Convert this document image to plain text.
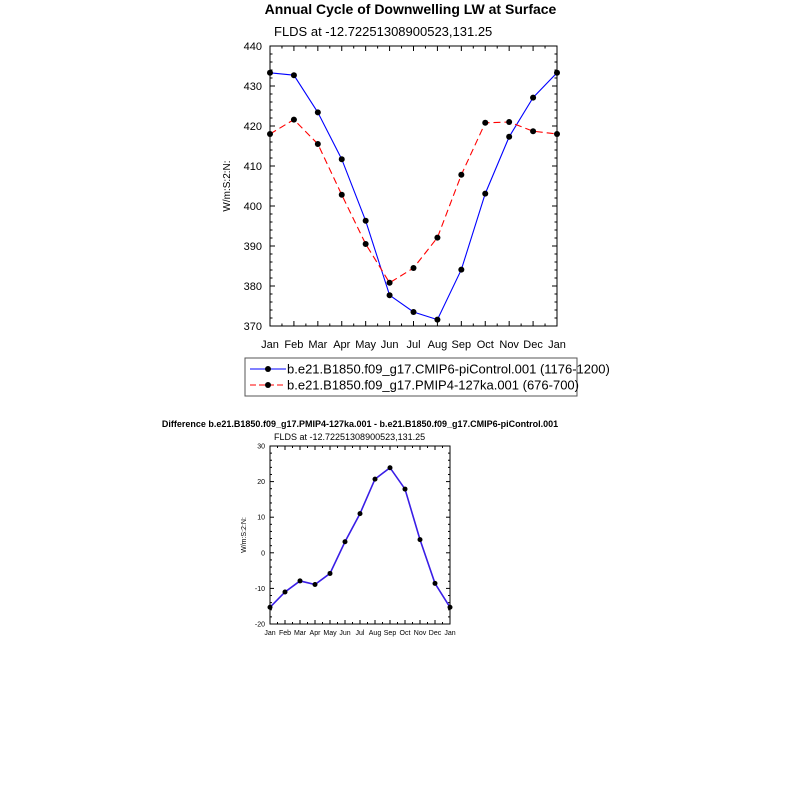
Annual Cycle of Downwelling LW at Surface
FLDS at -12.72251308900523,131.25
Jan Feb Mar Apr May Jun Jul Aug Sep Oct Nov Dec Jan
370
380
390
400
410
420
430
440
W/m:S:2:N:
Difference b.e21.B1850.f09_g17.PMIP4-127ka.001 - b.e21.B1850.f09_g17.CMIP6-piControl.001
FLDS at -12.72251308900523,131.25
Jan Feb Mar Apr May Jun Jul Aug Sep Oct Nov Dec Jan
-20
-10
0
10
20
30
W/m:S:2:N:
b.e21.B1850.f09_g17.CMIP6-piControl.001 (1176-1200)
b.e21.B1850.f09_g17.PMIP4-127ka.001 (676-700)
